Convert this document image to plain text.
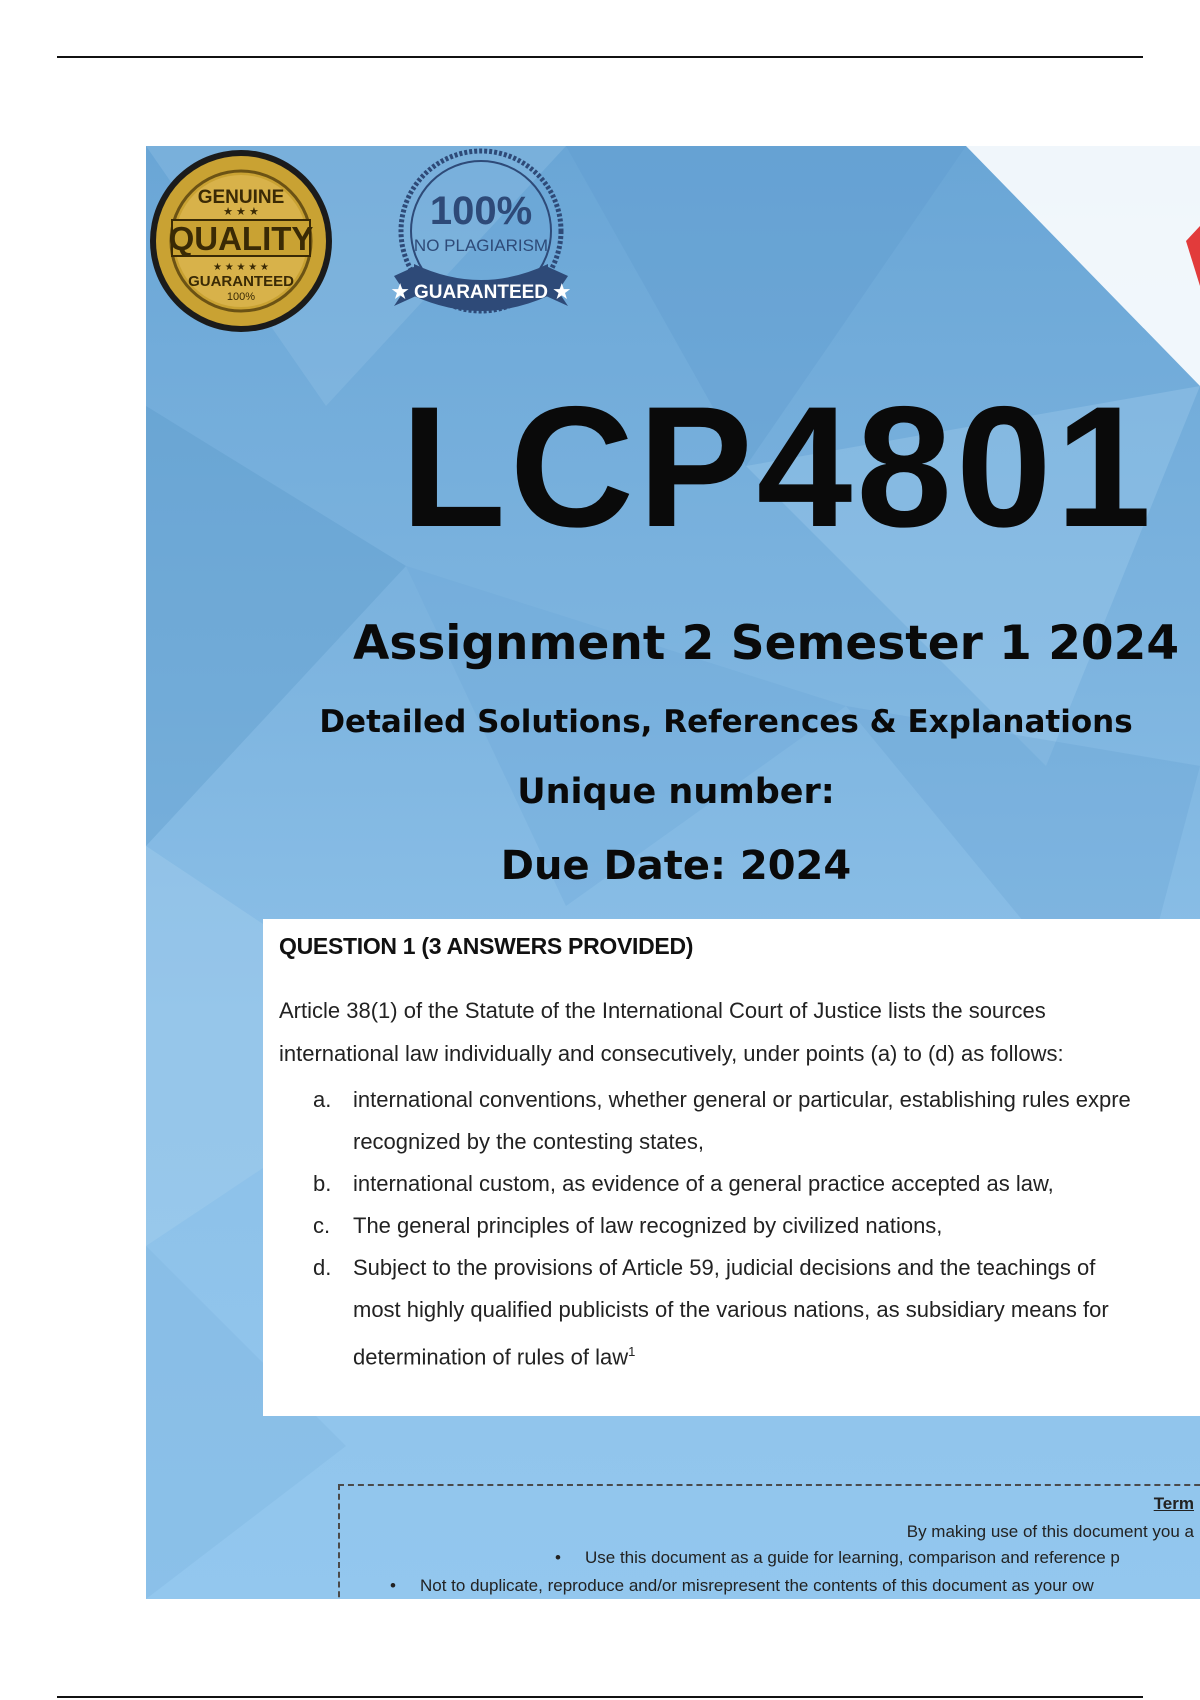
GENUINE
★ ★ ★
QUALITY
★ ★ ★ ★ ★
GUARANTEED
100%
100%
NO PLAGIARISM
★ GUARANTEED ★
LCP4801
Assignment 2 Semester 1 2024
Detailed Solutions, References & Explanations
Unique number:
Due Date: 2024
QUESTION 1 (3 ANSWERS PROVIDED)
Article 38(1) of the Statute of the International Court of Justice lists the sources
international law individually and consecutively, under points (a) to (d) as follows:
a. international conventions, whether general or particular, establishing rules expre
recognized by the contesting states,
b. international custom, as evidence of a general practice accepted as law,
c. The general principles of law recognized by civilized nations,
d. Subject to the provisions of Article 59, judicial decisions and the teachings of
most highly qualified publicists of the various nations, as subsidiary means for
determination of rules of law$^1$
Term
By making use of this document you a
• Use this document as a guide for learning, comparison and reference p
• Not to duplicate, reproduce and/or misrepresent the contents of this document as your ow
